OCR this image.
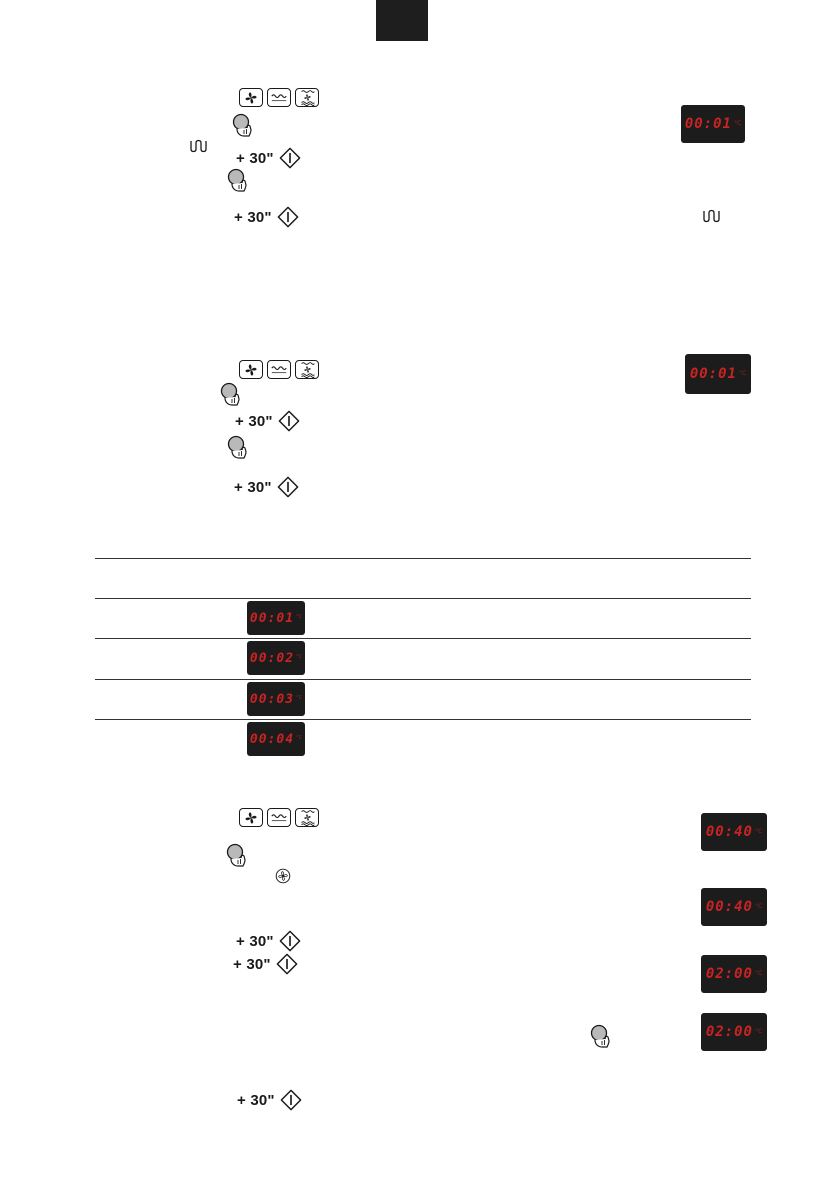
+ 30"
+ 30"
00:01 °C
+ 30"
+ 30"
00:01 °C
00:01 °C
00:02 °C
00:03 °C
00:04 °C
+ 30"
+ 30"
+ 30"
00:40 °C
00:40 °C
02:00 °C
02:00 °C
